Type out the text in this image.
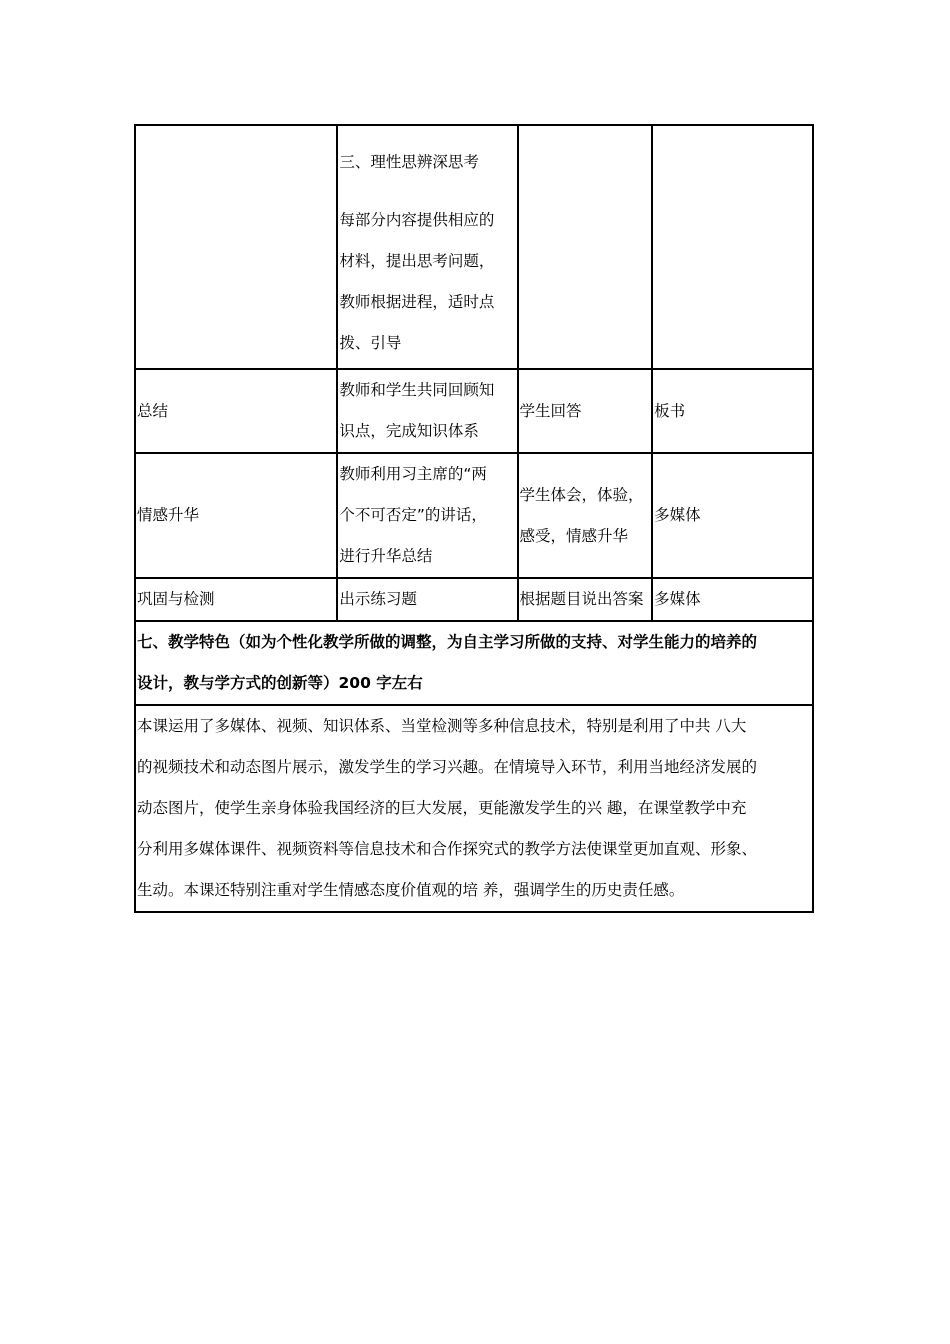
	三、理性思辨深思考
每部分内容提供相应的
材料，提出思考问题，
教师根据进程，适时点
拨、引导		

总结	教师和学生共同回顾知
识点，完成知识体系	学生回答	板书
情感升华	教师利用习主席的“两
个不可否定”的讲话，
进行升华总结	学生体会，体验，
感受，情感升华	多媒体
巩固与检测	出示练习题	根据题目说出答案	多媒体

七、教学特色（如为个性化教学所做的调整，为自主学习所做的支持、对学生能力的培养的
设计，教与学方式的创新等）200 字左右			

本课运用了多媒体、视频、知识体系、当堂检测等多种信息技术，特别是利用了中共 八大
的视频技术和动态图片展示，激发学生的学习兴趣。在情境导入环节，利用当地经济发展的
动态图片，使学生亲身体验我国经济的巨大发展，更能激发学生的兴 趣，在课堂教学中充
分利用多媒体课件、视频资料等信息技术和合作探究式的教学方法使课堂更加直观、形象、
生动。本课还特别注重对学生情感态度价值观的培 养，强调学生的历史责任感。			
